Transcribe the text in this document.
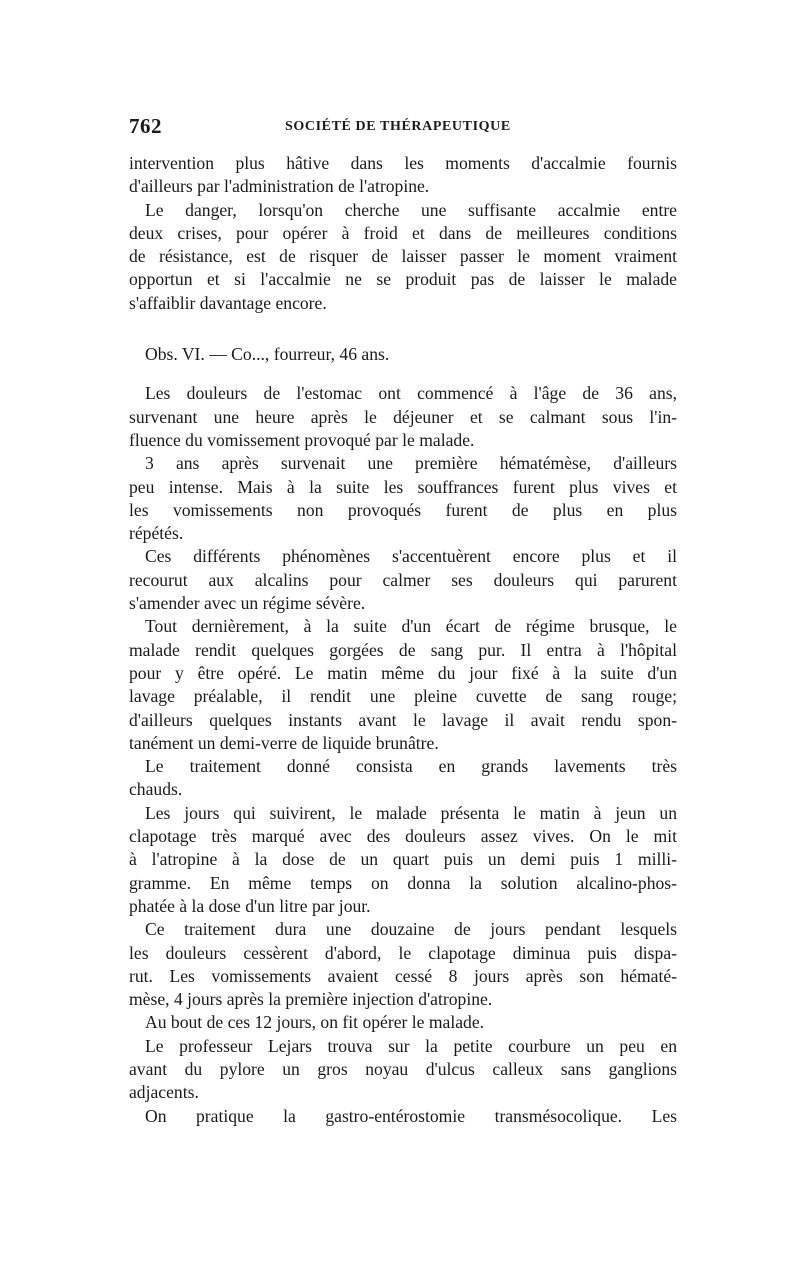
762	SOCIÉTÉ DE THÉRAPEUTIQUE
intervention plus hâtive dans les moments d'accalmie fournis
d'ailleurs par l'administration de l'atropine.
Le danger, lorsqu'on cherche une suffisante accalmie entre
deux crises, pour opérer à froid et dans de meilleures conditions
de résistance, est de risquer de laisser passer le moment vraiment
opportun et si l'accalmie ne se produit pas de laisser le malade
s'affaiblir davantage encore.
Obs. VI. — Co..., fourreur, 46 ans.
Les douleurs de l'estomac ont commencé à l'âge de 36 ans,
survenant une heure après le déjeuner et se calmant sous l'in-
fluence du vomissement provoqué par le malade.
3 ans après survenait une première hématémèse, d'ailleurs
peu intense. Mais à la suite les souffrances furent plus vives et
les vomissements non provoqués furent de plus en plus
répétés.
Ces différents phénomènes s'accentuèrent encore plus et il
recourut aux alcalins pour calmer ses douleurs qui parurent
s'amender avec un régime sévère.
Tout dernièrement, à la suite d'un écart de régime brusque, le
malade rendit quelques gorgées de sang pur. Il entra à l'hôpital
pour y être opéré. Le matin même du jour fixé à la suite d'un
lavage préalable, il rendit une pleine cuvette de sang rouge;
d'ailleurs quelques instants avant le lavage il avait rendu spon-
tanément un demi-verre de liquide brunâtre.
Le traitement donné consista en grands lavements très
chauds.
Les jours qui suivirent, le malade présenta le matin à jeun un
clapotage très marqué avec des douleurs assez vives. On le mit
à l'atropine à la dose de un quart puis un demi puis 1 milli-
gramme. En même temps on donna la solution alcalino-phos-
phatée à la dose d'un litre par jour.
Ce traitement dura une douzaine de jours pendant lesquels
les douleurs cessèrent d'abord, le clapotage diminua puis dispa-
rut. Les vomissements avaient cessé 8 jours après son hématé-
mèse, 4 jours après la première injection d'atropine.
Au bout de ces 12 jours, on fit opérer le malade.
Le professeur Lejars trouva sur la petite courbure un peu en
avant du pylore un gros noyau d'ulcus calleux sans ganglions
adjacents.
On pratique la gastro-entérostomie transmésocolique. Les
